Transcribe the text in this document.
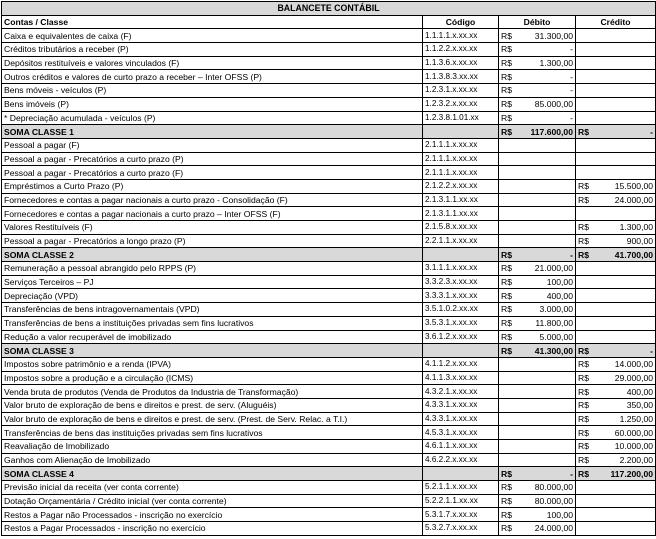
BALANCETE CONTÁBIL			
Contas / Classe	Código	Débito	Crédito
Caixa e equivalentes de caixa (F)	1.1.1.1.x.xx.xx	R$ 31.300,00	

Créditos tributários a receber (P)	1.1.2.2.x.xx.xx	R$ -	

Depósitos restituíveis e valores vinculados (F)	1.1.3.6.x.xx.xx	R$ 1.300,00	

Outros créditos e valores de curto prazo a receber – Inter OFSS (P)	1.1.3.8.3.xx.xx	R$ -	

Bens móveis - veículos (P)	1.2.3.1.x.xx.xx	R$ -	

Bens imóveis (P)	1.2.3.2.x.xx.xx	R$ 85.000,00	

* Depreciação acumulada - veículos (P)	1.2.3.8.1.01.xx	R$ -	

SOMA CLASSE 1		R$ 117.600,00	R$ -

Pessoal a pagar (F)	2.1.1.1.x.xx.xx		
Pessoal a pagar - Precatórios a curto prazo (P)	2.1.1.1.x.xx.xx		
Pessoal a pagar - Precatórios a curto prazo (F)	2.1.1.1.x.xx.xx		
Empréstimos a Curto Prazo (P)	2.1.2.2.x.xx.xx		R$ 15.500,00

Fornecedores e contas a pagar nacionais a curto prazo - Consolidação (F)	2.1.3.1.1.xx.xx		R$ 24.000,00

Fornecedores e contas a pagar nacionais a curto prazo – Inter OFSS (F)	2.1.3.1.1.xx.xx		
Valores Restituíveis (F)	2.1.5.8.x.xx.xx		R$ 1.300,00

Pessoal a pagar - Precatórios a longo prazo (P)	2.2.1.1.x.xx.xx		R$ 900,00

SOMA CLASSE 2		R$ -	R$ 41.700,00

Remuneração a pessoal abrangido pelo RPPS (P)	3.1.1.1.x.xx.xx	R$ 21.000,00	

Serviços Terceiros – PJ	3.3.2.3.x.xx.xx	R$ 100,00	

Depreciação (VPD)	3.3.3.1.x.xx.xx	R$ 400,00	

Transferências de bens intragovernamentais (VPD)	3.5.1.0.2.xx.xx	R$ 3.000,00	

Transferências de bens a instituições privadas sem fins lucrativos	3.5.3.1.x.xx.xx	R$ 11.800,00	

Redução a valor recuperável de imobilizado	3.6.1.2.x.xx.xx	R$ 5.000,00	

SOMA CLASSE 3		R$ 41.300,00	R$ -

Impostos sobre patrimônio e a renda (IPVA)	4.1.1.2.x.xx.xx		R$ 14.000,00

Impostos sobre a produção e a circulação (ICMS)	4.1.1.3.x.xx.xx		R$ 29.000,00

Venda bruta de produtos (Venda de Produtos da Industria de Transformação)	4.3.2.1.x.xx.xx		R$ 400,00

Valor bruto de exploração de bens e direitos e prest. de serv. (Aluguéis)	4.3.3.1.x.xx.xx		R$ 350,00

Valor bruto de exploração de bens e direitos e prest. de serv. (Prest. de Serv. Relac. a T.I.)	4.3.3.1.x.xx.xx		R$ 1.250,00

Transferências de bens das instituições privadas sem fins lucrativos	4.5.3.1.x.xx.xx		R$ 60.000,00

Reavaliação de Imobilizado	4.6.1.1.x.xx.xx		R$ 10.000,00

Ganhos com Alienação de Imobilizado	4.6.2.2.x.xx.xx		R$ 2.200,00

SOMA CLASSE 4		R$ -	R$ 117.200,00

Previsão inicial da receita (ver conta corrente)	5.2.1.1.x.xx.xx	R$ 80.000,00	

Dotação Orçamentária / Crédito inicial (ver conta corrente)	5.2.2.1.1.xx.xx	R$ 80.000,00	

Restos a Pagar não Processados - inscrição no exercício	5.3.1.7.x.xx.xx	R$ 100,00	

Restos a Pagar Processados - inscrição no exercício	5.3.2.7.x.xx.xx	R$ 24.000,00	
